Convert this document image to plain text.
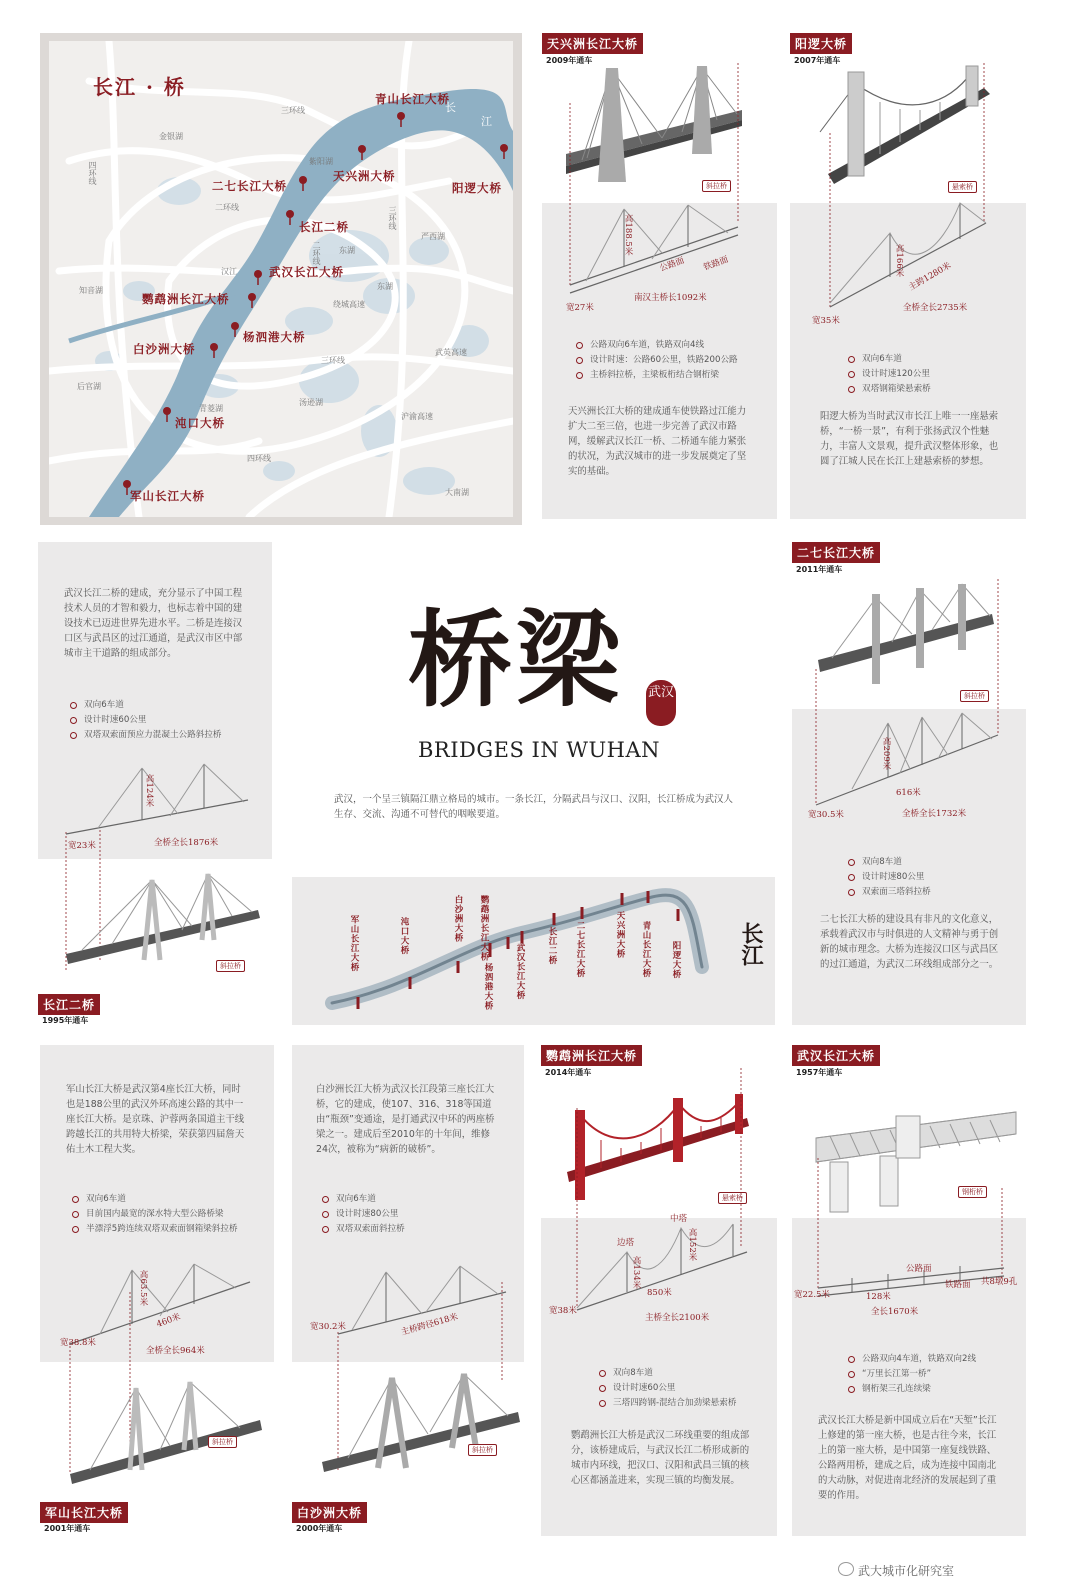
长江 · 桥	青山长江大桥
天兴洲大桥
阳逻大桥
二七长江大桥
长江二桥
武汉长江大桥
鹦鹉洲长江大桥
杨泗港大桥
白沙洲大桥
沌口大桥
军山长江大桥
长
江
三环线
四环线
二环线
汉江
三环线
二环线
绕城高速
三环线
四环线
沪渝高速
武英高速
东湖
金银湖
知音湖
后官湖
东湖
严西湖
汤逊湖
青菱湖
大南湖
紫阳湖
天兴洲长江大桥
2009年通车
斜拉桥
高188.5米
公路面 铁路面
宽27米
南汉主桥长1092米
公路双向6车道，铁路双向4线
设计时速：公路60公里，铁路200公路
主桥斜拉桥，主梁板桁结合钢桁梁
天兴洲长江大桥的建成通车使铁路过江能力扩大二至三倍，也进一步完善了武汉市路网，缓解武汉长江一桥、二桥通车能力紧张的状况，为武汉城市的进一步发展奠定了坚实的基础。
阳逻大桥
2007年通车
悬索桥
高166米 主跨1280米
宽35米
全桥全长2735米
双向6车道
设计时速120公里
双塔钢箱梁悬索桥
阳逻大桥为当时武汉市长江上唯一一座悬索桥，“一桥一景”，有利于张扬武汉个性魅力，丰富人文景观，提升武汉整体形象，也圆了江城人民在长江上建悬索桥的梦想。
武汉长江二桥的建成，充分显示了中国工程技术人员的才智和毅力，也标志着中国的建设技术已迈进世界先进水平。二桥是连接汉口区与武昌区的过江通道，是武汉市区中部城市主干道路的组成部分。
双向6车道
设计时速60公里
双塔双索面预应力混凝土公路斜拉桥
高124米
宽23米	全桥全长1876米
斜拉桥
长江二桥
1995年通车
桥梁 武汉
BRIDGES IN WUHAN
武汉，一个呈三镇隔江鼎立格局的城市。一条长江，分隔武昌与汉口、汉阳，长江桥成为武汉人生存、交流、沟通不可替代的咽喉要道。
军山长江大桥	沌口大桥	白沙洲大桥
杨泗港大桥
鹦鹉洲长江大桥
武汉长江大桥	长江二桥 二七长江大桥	天兴洲大桥 青山长江大桥 阳逻大桥	长江
二七长江大桥
2011年通车
斜拉桥
高209米
616米
宽30.5米	全桥全长1732米
双向8车道
设计时速80公里
双索面三塔斜拉桥
二七长江大桥的建设具有非凡的文化意义，承载着武汉市与时俱进的人文精神与勇于创新的城市理念。大桥为连接汉口区与武昌区的过江通道，为武汉二环线组成部分之一。
军山长江大桥是武汉第4座长江大桥，同时也是188公里的武汉外环高速公路的其中一座长江大桥。是京珠、沪蓉两条国道主干线跨越长江的共用特大桥梁，荣获第四届詹天佑土木工程大奖。
双向6车道
目前国内最宽的深水特大型公路桥梁
半漂浮5跨连续双塔双索面钢箱梁斜拉桥
高63.5米
460米
宽38.8米
全桥全长964米
斜拉桥
军山长江大桥
2001年通车
白沙洲长江大桥为武汉长江段第三座长江大桥，它的建成，使107、316、318等国道由“瓶颈”变通途，是打通武汉中环的两座桥梁之一。建成后至2010年的十年间，维修24次，被称为“病新的破桥”。
双向6车道
设计时速80公里
双塔双索面斜拉桥
宽30.2米	主桥跨径618米
斜拉桥
白沙洲大桥
2000年通车
鹦鹉洲长江大桥
2014年通车
悬索桥
中塔
边塔
高134米
高152米
850米
宽38米
主桥全长2100米
双向8车道
设计时速60公里
三塔四跨钢-混结合加劲梁悬索桥
鹦鹉洲长江大桥是武汉二环线重要的组成部分，该桥建成后，与武汉长江二桥形成新的城市内环线，把汉口、汉阳和武昌三镇的核心区都涵盖进来，实现三镇的均衡发展。
武汉长江大桥
1957年通车
钢桁桥
公路面
铁路面
128米
共8墩9孔
宽22.5米
全长1670米
公路双向4车道，铁路双向2线
“万里长江第一桥”
钢桁架三孔连续梁
武汉长江大桥是新中国成立后在“天堑”长江上修建的第一座大桥，也是古往今来，长江上的第一座大桥，是中国第一座复线铁路、公路两用桥，建成之后，成为连接中国南北的大动脉，对促进南北经济的发展起到了重要的作用。
武大城市化研究室
